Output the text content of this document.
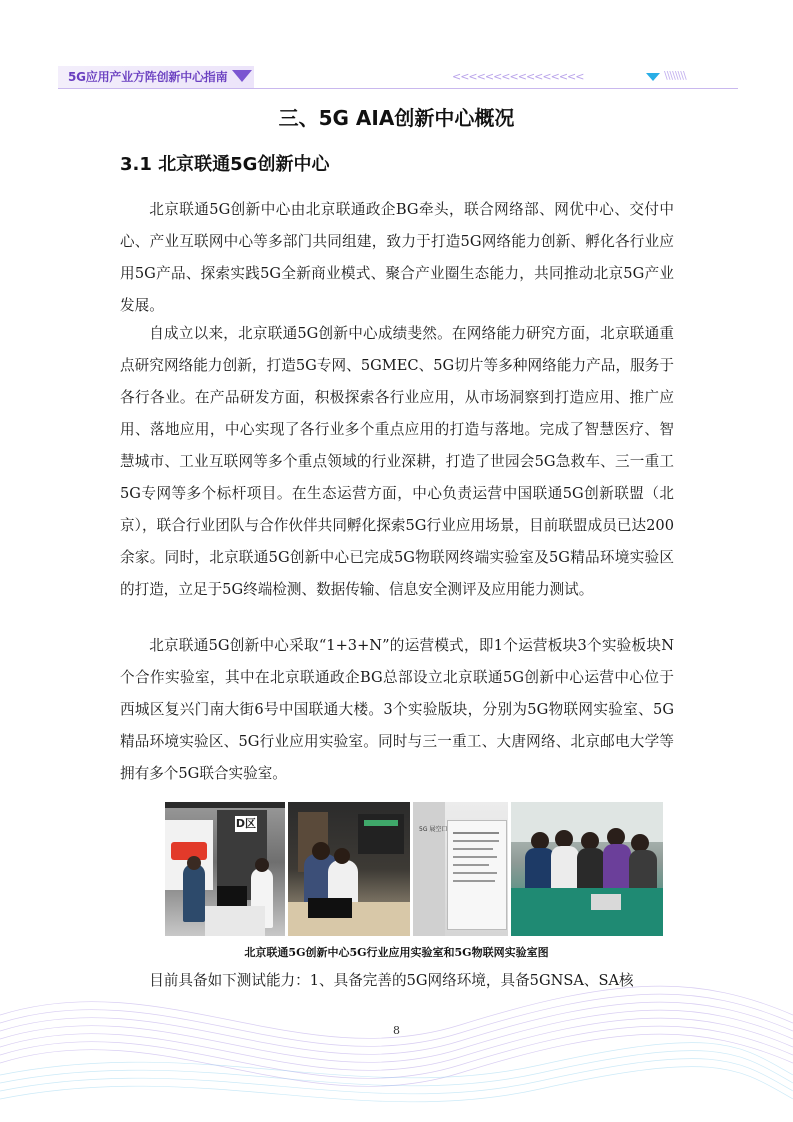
5G应用产业方阵创新中心指南	<<<<<<<<<<<<<<<<	\\\\\\\\
三、5G AIA创新中心概况
3.1 北京联通5G创新中心

北京联通5G创新中心由北京联通政企BG牵头，联合网络部、网优中心、交付中心、产业互联网中心等多部门共同组建，致力于打造5G网络能力创新、孵化各行业应用5G产品、探索实践5G全新商业模式、聚合产业圈生态能力，共同推动北京5G产业发展。

自成立以来，北京联通5G创新中心成绩斐然。在网络能力研究方面，北京联通重点研究网络能力创新，打造5G专网、5GMEC、5G切片等多种网络能力产品，服务于各行各业。在产品研发方面，积极探索各行业应用，从市场洞察到打造应用、推广应用、落地应用，中心实现了各行业多个重点应用的打造与落地。完成了智慧医疗、智慧城市、工业互联网等多个重点领域的行业深耕，打造了世园会5G急救车、三一重工5G专网等多个标杆项目。在生态运营方面，中心负责运营中国联通5G创新联盟（北京），联合行业团队与合作伙伴共同孵化探索5G行业应用场景，目前联盟成员已达200余家。同时，北京联通5G创新中心已完成5G物联网终端实验室及5G精品环境实验区的打造，立足于5G终端检测、数据传输、信息安全测评及应用能力测试。

北京联通5G创新中心采取“1+3+N”的运营模式，即1个运营板块3个实验板块N个合作实验室，其中在北京联通政企BG总部设立北京联通5G创新中心运营中心位于西城区复兴门南大街6号中国联通大楼。3个实验版块，分别为5G物联网实验室、5G精品环境实验区、5G行业应用实验室。同时与三一重工、大唐网络、北京邮电大学等拥有多个5G联合实验室。

D区	5G 展空口
北京联通5G创新中心5G行业应用实验室和5G物联网实验室图

目前具备如下测试能力：1、具备完善的5G网络环境，具备5GNSA、SA核

8
